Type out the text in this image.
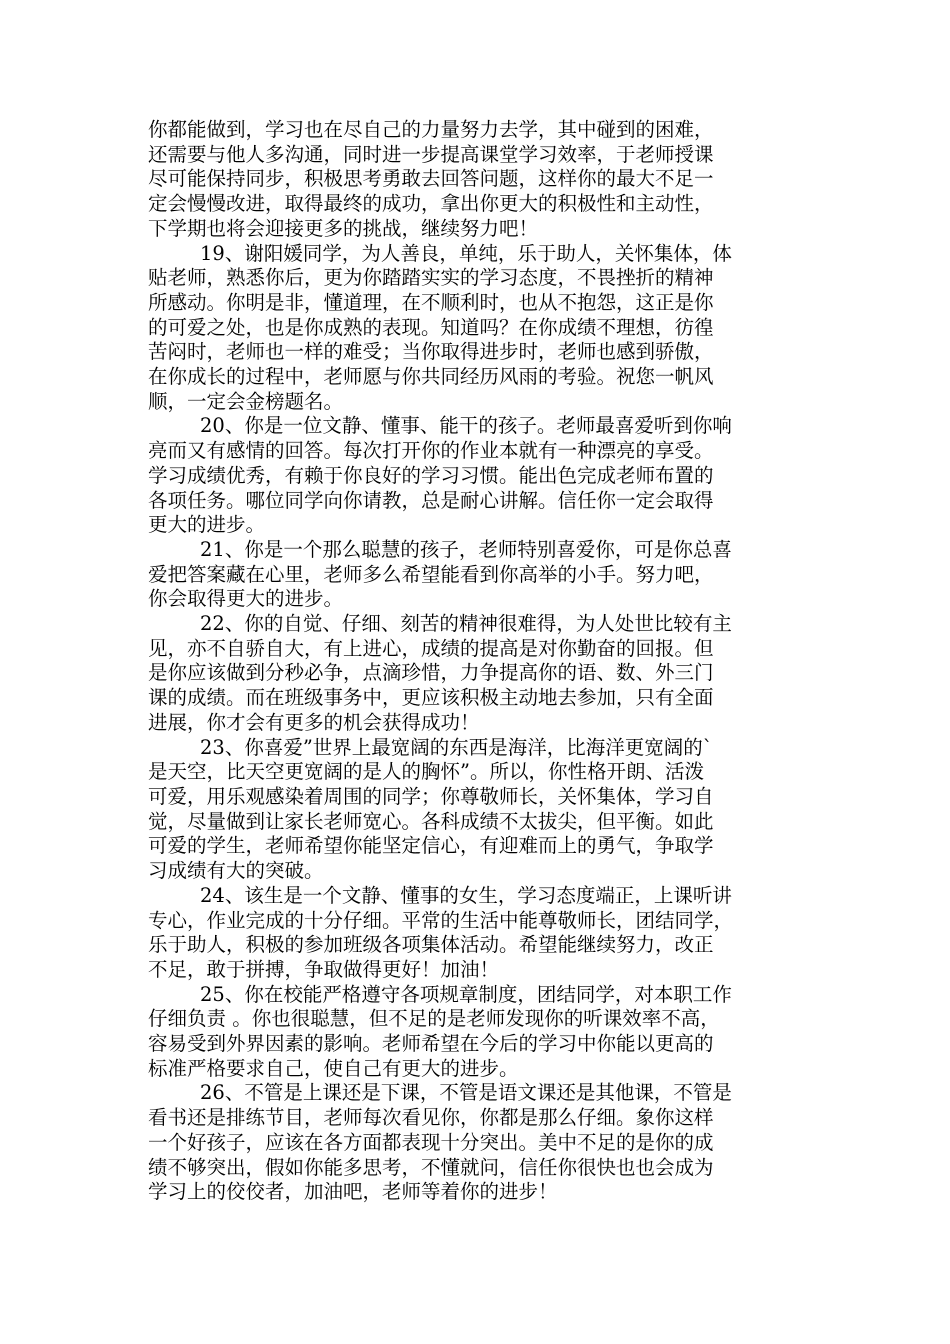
你都能做到，学习也在尽自己的力量努力去学，其中碰到的困难，
还需要与他人多沟通，同时进一步提高课堂学习效率，于老师授课
尽可能保持同步，积极思考勇敢去回答问题，这样你的最大不足一
定会慢慢改进，取得最终的成功，拿出你更大的积极性和主动性，
下学期也将会迎接更多的挑战，继续努力吧！

19、谢阳媛同学，为人善良，单纯，乐于助人，关怀集体，体
贴老师，熟悉你后，更为你踏踏实实的学习态度，不畏挫折的精神
所感动。你明是非，懂道理，在不顺利时，也从不抱怨，这正是你
的可爱之处，也是你成熟的表现。知道吗？在你成绩不理想，彷徨
苦闷时，老师也一样的难受；当你取得进步时，老师也感到骄傲，
在你成长的过程中，老师愿与你共同经历风雨的考验。祝您一帆风
顺，一定会金榜题名。

20、你是一位文静、懂事、能干的孩子。老师最喜爱听到你响
亮而又有感情的回答。每次打开你的作业本就有一种漂亮的享受。
学习成绩优秀，有赖于你良好的学习习惯。能出色完成老师布置的
各项任务。哪位同学向你请教，总是耐心讲解。信任你一定会取得
更大的进步。

21、你是一个那么聪慧的孩子，老师特别喜爱你，可是你总喜
爱把答案藏在心里，老师多么希望能看到你高举的小手。努力吧，
你会取得更大的进步。

22、你的自觉、仔细、刻苦的精神很难得，为人处世比较有主
见，亦不自骄自大，有上进心，成绩的提高是对你勤奋的回报。但
是你应该做到分秒必争，点滴珍惜，力争提高你的语、数、外三门
课的成绩。而在班级事务中，更应该积极主动地去参加，只有全面
进展，你才会有更多的机会获得成功！

23、你喜爱”世界上最宽阔的东西是海洋，比海洋更宽阔的`
是天空，比天空更宽阔的是人的胸怀”。所以，你性格开朗、活泼
可爱，用乐观感染着周围的同学；你尊敬师长，关怀集体，学习自
觉，尽量做到让家长老师宽心。各科成绩不太拔尖，但平衡。如此
可爱的学生，老师希望你能坚定信心，有迎难而上的勇气，争取学
习成绩有大的突破。

24、该生是一个文静、懂事的女生，学习态度端正，上课听讲
专心，作业完成的十分仔细。平常的生活中能尊敬师长，团结同学，
乐于助人，积极的参加班级各项集体活动。希望能继续努力，改正
不足，敢于拼搏，争取做得更好！加油！

25、你在校能严格遵守各项规章制度，团结同学，对本职工作
仔细负责 。你也很聪慧，但不足的是老师发现你的听课效率不高，
容易受到外界因素的影响。老师希望在今后的学习中你能以更高的
标准严格要求自己，使自己有更大的进步。

26、不管是上课还是下课，不管是语文课还是其他课，不管是
看书还是排练节目，老师每次看见你，你都是那么仔细。象你这样
一个好孩子，应该在各方面都表现十分突出。美中不足的是你的成
绩不够突出，假如你能多思考，不懂就问，信任你很快也也会成为
学习上的佼佼者，加油吧，老师等着你的进步！
